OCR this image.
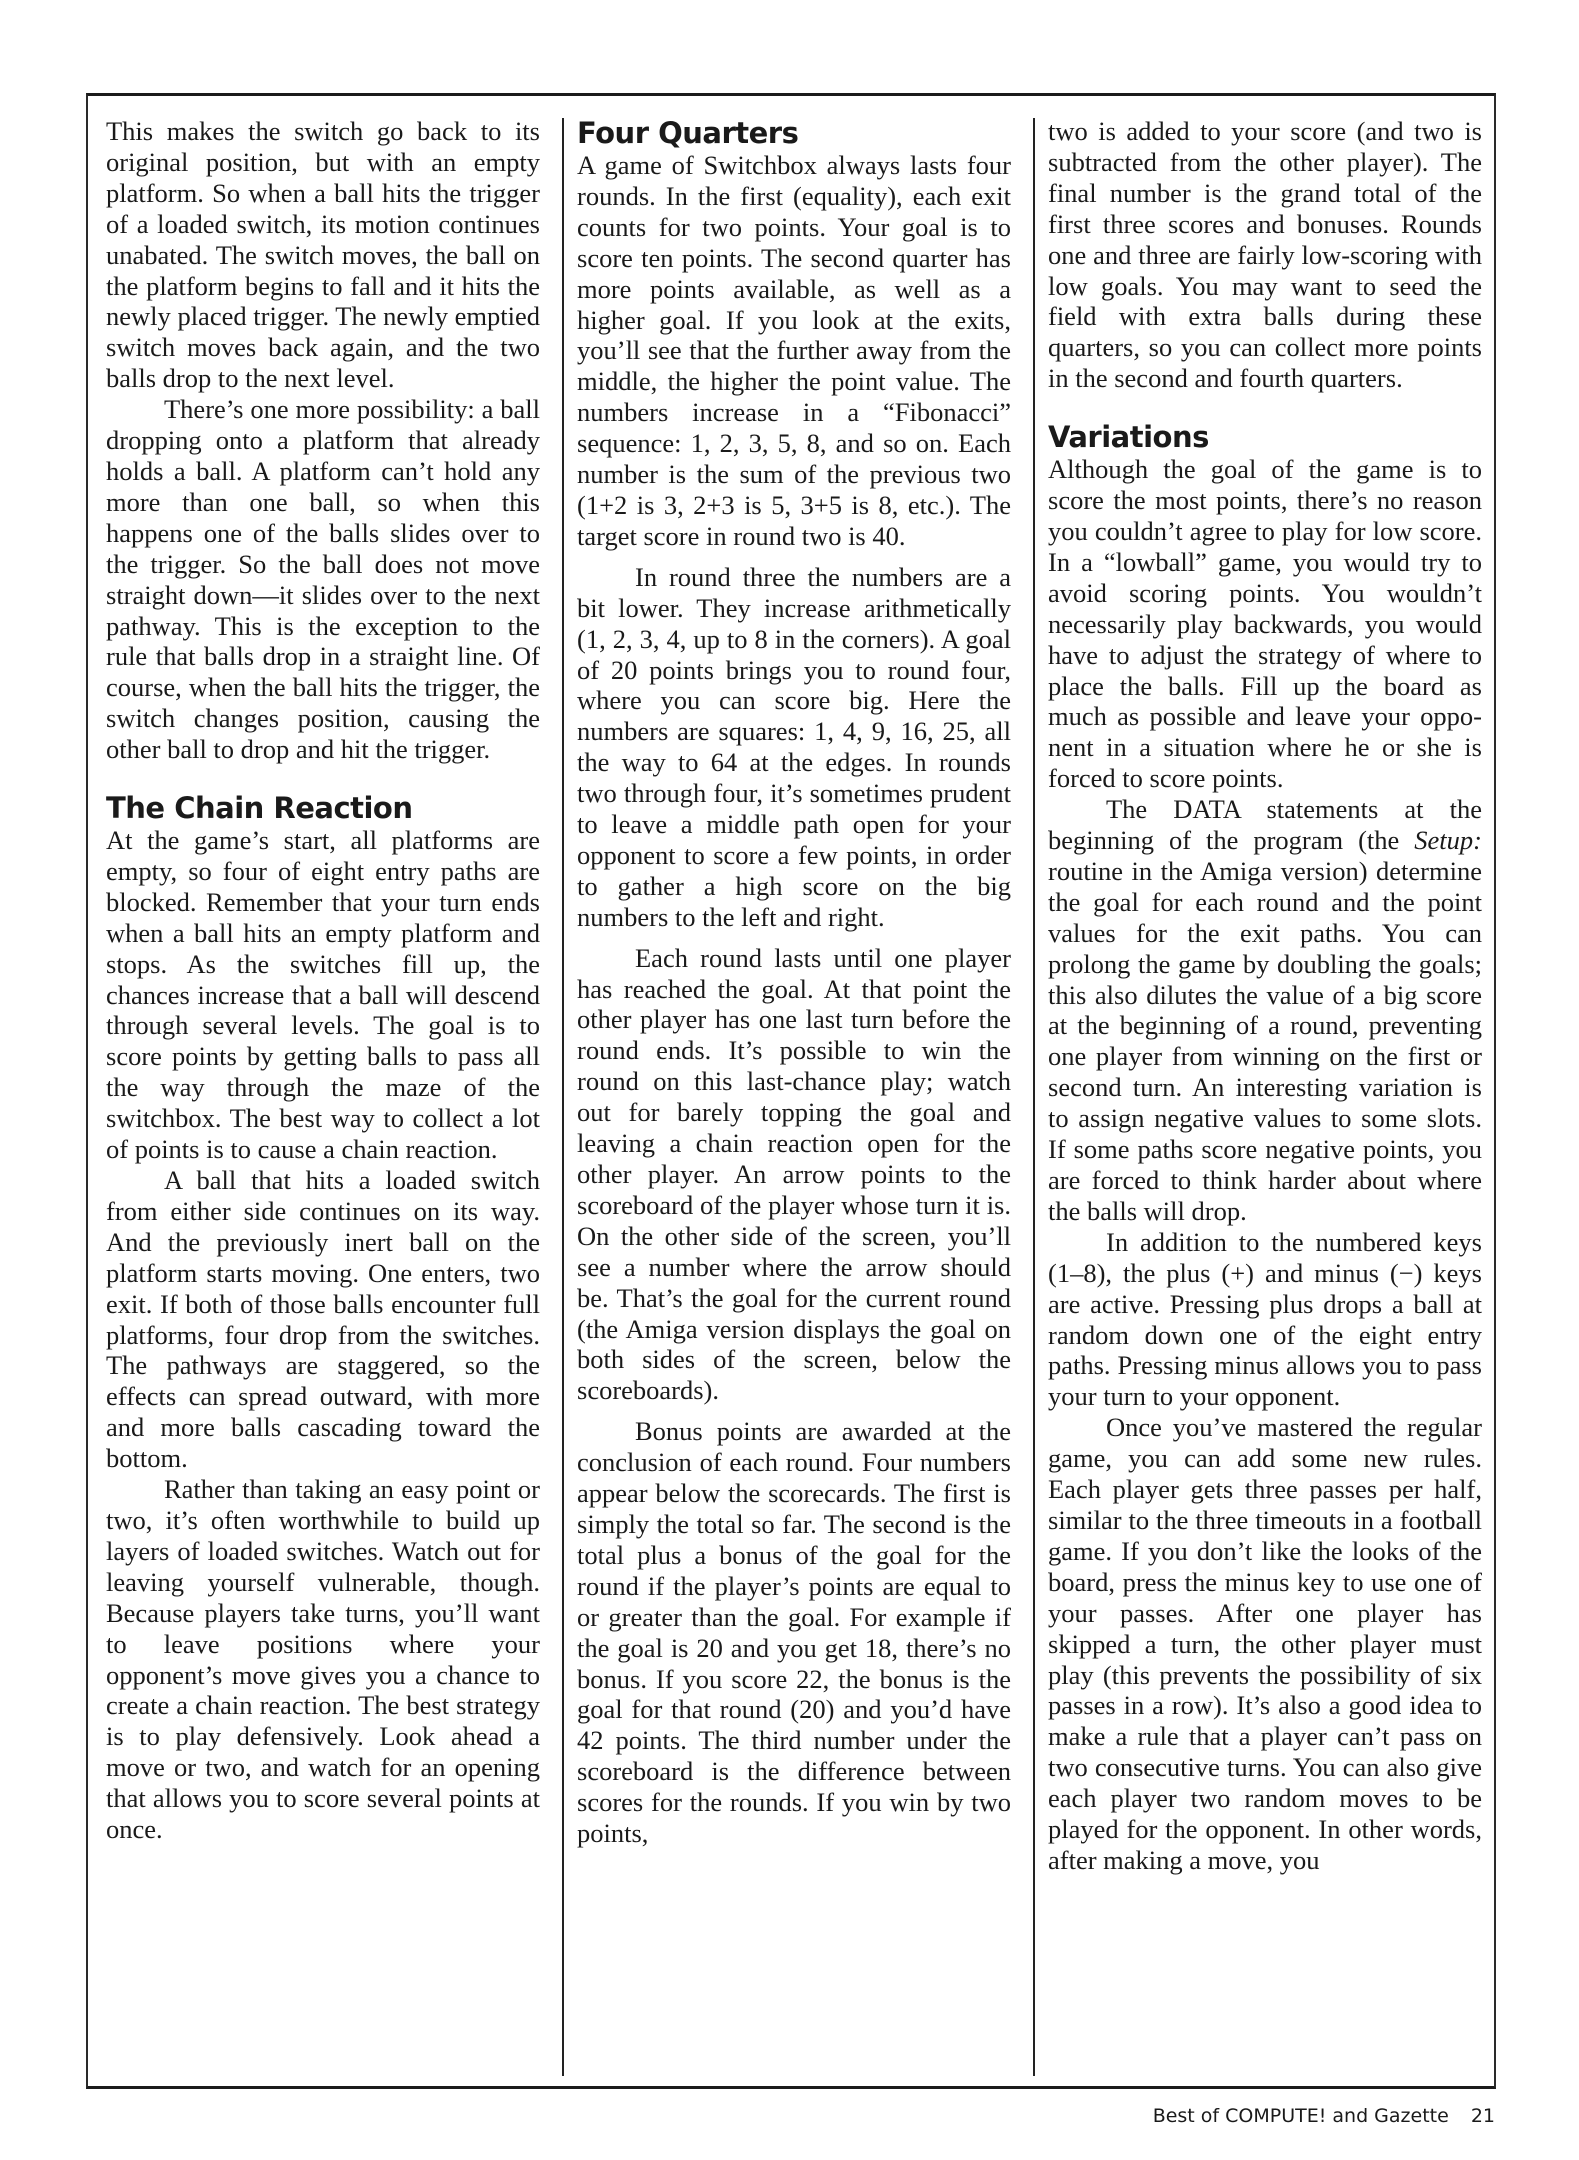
This makes the switch go back to its original position, but with an empty platform. So when a ball hits the trigger of a loaded switch, its motion continues unabated. The switch moves, the ball on the platform begins to fall and it hits the newly placed trigger. The newly emptied switch moves back again, and the two balls drop to the next level.

There’s one more possibility: a ball dropping onto a platform that already holds a ball. A platform can’t hold any more than one ball, so when this happens one of the balls slides over to the trigger. So the ball does not move straight down—it slides over to the next pathway. This is the exception to the rule that balls drop in a straight line. Of course, when the ball hits the trigger, the switch changes position, causing the other ball to drop and hit the trigger.

The Chain Reaction

At the game’s start, all platforms are empty, so four of eight entry paths are blocked. Remember that your turn ends when a ball hits an empty platform and stops. As the switches fill up, the chances increase that a ball will descend through several levels. The goal is to score points by getting balls to pass all the way through the maze of the switchbox. The best way to collect a lot of points is to cause a chain reaction.

A ball that hits a loaded switch from either side continues on its way. And the previously inert ball on the platform starts moving. One enters, two exit. If both of those balls encounter full platforms, four drop from the switches. The pathways are staggered, so the effects can spread outward, with more and more balls cascading toward the bottom.

Rather than taking an easy point or two, it’s often worthwhile to build up layers of loaded switches. Watch out for leaving yourself vulnerable, though. Because players take turns, you’ll want to leave positions where your opponent’s move gives you a chance to create a chain reaction. The best strategy is to play defensively. Look ahead a move or two, and watch for an opening that allows you to score several points at once.

Four Quarters

A game of Switchbox always lasts four rounds. In the first (equality), each exit counts for two points. Your goal is to score ten points. The second quarter has more points available, as well as a higher goal. If you look at the exits, you’ll see that the further away from the middle, the higher the point value. The numbers increase in a “Fibonacci” sequence: 1, 2, 3, 5, 8, and so on. Each number is the sum of the previous two (1+2 is 3, 2+3 is 5, 3+5 is 8, etc.). The target score in round two is 40.

In round three the numbers are a bit lower. They increase arithmetically (1, 2, 3, 4, up to 8 in the corners). A goal of 20 points brings you to round four, where you can score big. Here the numbers are squares: 1, 4, 9, 16, 25, all the way to 64 at the edges. In rounds two through four, it’s sometimes prudent to leave a middle path open for your opponent to score a few points, in order to gather a high score on the big numbers to the left and right.

Each round lasts until one player has reached the goal. At that point the other player has one last turn before the round ends. It’s possible to win the round on this last-chance play; watch out for barely topping the goal and leaving a chain reaction open for the other player. An arrow points to the scoreboard of the player whose turn it is. On the other side of the screen, you’ll see a number where the arrow should be. That’s the goal for the current round (the Amiga version displays the goal on both sides of the screen, below the scoreboards).

Bonus points are awarded at the conclusion of each round. Four numbers appear below the scorecards. The first is simply the total so far. The second is the total plus a bonus of the goal for the round if the player’s points are equal to or greater than the goal. For example if the goal is 20 and you get 18, there’s no bonus. If you score 22, the bonus is the goal for that round (20) and you’d have 42 points. The third number under the scoreboard is the difference between scores for the rounds. If you win by two points,

two is added to your score (and two is subtracted from the other player). The final number is the grand total of the first three scores and bonuses. Rounds one and three are fairly low-scoring with low goals. You may want to seed the field with extra balls during these quarters, so you can collect more points in the second and fourth quarters.

Variations

Although the goal of the game is to score the most points, there’s no reason you couldn’t agree to play for low score. In a “lowball” game, you would try to avoid scoring points. You wouldn’t necessarily play backwards, you would have to adjust the strategy of where to place the balls. Fill up the board as much as possible and leave your opponent in a situation where he or she is forced to score points.

The DATA statements at the beginning of the program (the Setup: routine in the Amiga version) determine the goal for each round and the point values for the exit paths. You can prolong the game by doubling the goals; this also dilutes the value of a big score at the beginning of a round, preventing one player from winning on the first or second turn. An interesting variation is to assign negative values to some slots. If some paths score negative points, you are forced to think harder about where the balls will drop.

In addition to the numbered keys (1–8), the plus (+) and minus (−) keys are active. Pressing plus drops a ball at random down one of the eight entry paths. Pressing minus allows you to pass your turn to your opponent.

Once you’ve mastered the regular game, you can add some new rules. Each player gets three passes per half, similar to the three timeouts in a football game. If you don’t like the looks of the board, press the minus key to use one of your passes. After one player has skipped a turn, the other player must play (this prevents the possibility of six passes in a row). It’s also a good idea to make a rule that a player can’t pass on two consecutive turns. You can also give each player two random moves to be played for the opponent. In other words, after making a move, you

Best of COMPUTE! and Gazette 21
